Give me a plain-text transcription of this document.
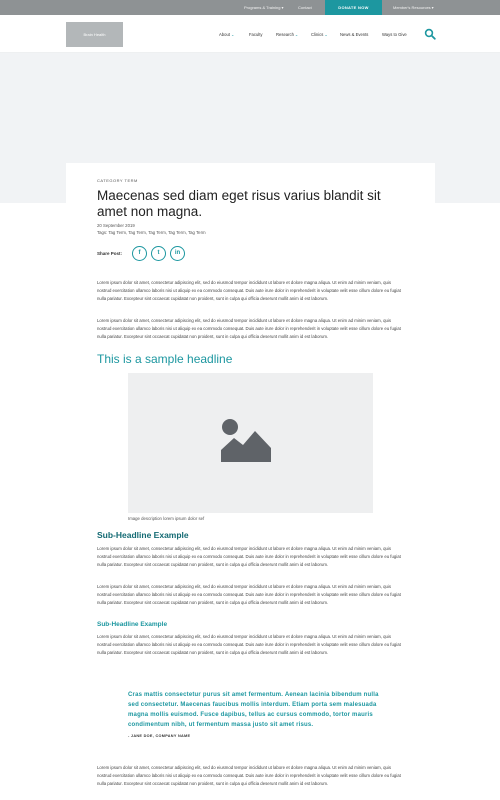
Programs & Training▾	Contact	DONATE NOW	Member's Resources▾
Brain Health	About⌄	Faculty	Research⌄	Clinics⌄	News & Events	Ways to Give
CATEGORY TERM
Maecenas sed diam eget risus varius blandit sit amet non magna.
20 September 2019
Tags: Tag Term, Tag Term, Tag Term, Tag Term, Tag Term
Share Post:	f	t	in

Lorem ipsum dolor sit amet, consectetur adipiscing elit, sed do eiusmod tempor incididunt ut labore et dolore magna aliqua. Ut enim ad minim veniam, quis nostrud exercitation ullamco laboris nisi ut aliquip ex ea commodo consequat. Duis aute irure dolor in reprehenderit in voluptate velit esse cillum dolore eu fugiat nulla pariatur. Excepteur sint occaecat cupidatat non proident, sunt in culpa qui officia deserunt mollit anim id est laborum.

Lorem ipsum dolor sit amet, consectetur adipiscing elit, sed do eiusmod tempor incididunt ut labore et dolore magna aliqua. Ut enim ad minim veniam, quis nostrud exercitation ullamco laboris nisi ut aliquip ex ea commodo consequat. Duis aute irure dolor in reprehenderit in voluptate velit esse cillum dolore eu fugiat nulla pariatur. Excepteur sint occaecat cupidatat non proident, sunt in culpa qui officia deserunt mollit anim id est laborum.

This is a sample headline
Image description lorem ipsum dolor sef
Sub-Headline Example

Lorem ipsum dolor sit amet, consectetur adipiscing elit, sed do eiusmod tempor incididunt ut labore et dolore magna aliqua. Ut enim ad minim veniam, quis nostrud exercitation ullamco laboris nisi ut aliquip ex ea commodo consequat. Duis aute irure dolor in reprehenderit in voluptate velit esse cillum dolore eu fugiat nulla pariatur. Excepteur sint occaecat cupidatat non proident, sunt in culpa qui officia deserunt mollit anim id est laborum.

Lorem ipsum dolor sit amet, consectetur adipiscing elit, sed do eiusmod tempor incididunt ut labore et dolore magna aliqua. Ut enim ad minim veniam, quis nostrud exercitation ullamco laboris nisi ut aliquip ex ea commodo consequat. Duis aute irure dolor in reprehenderit in voluptate velit esse cillum dolore eu fugiat nulla pariatur. Excepteur sint occaecat cupidatat non proident, sunt in culpa qui officia deserunt mollit anim id est laborum.

Sub-Headline Example

Lorem ipsum dolor sit amet, consectetur adipiscing elit, sed do eiusmod tempor incididunt ut labore et dolore magna aliqua. Ut enim ad minim veniam, quis nostrud exercitation ullamco laboris nisi ut aliquip ex ea commodo consequat. Duis aute irure dolor in reprehenderit in voluptate velit esse cillum dolore eu fugiat nulla pariatur. Excepteur sint occaecat cupidatat non proident, sunt in culpa qui officia deserunt mollit anim id est laborum.

Cras mattis consectetur purus sit amet fermentum. Aenean lacinia bibendum nulla sed consectetur. Maecenas faucibus mollis interdum. Etiam porta sem malesuada magna mollis euismod. Fusce dapibus, tellus ac cursus commodo, tortor mauris condimentum nibh, ut fermentum massa justo sit amet risus.
- JANE DOE, COMPANY NAME

Lorem ipsum dolor sit amet, consectetur adipiscing elit, sed do eiusmod tempor incididunt ut labore et dolore magna aliqua. Ut enim ad minim veniam, quis nostrud exercitation ullamco laboris nisi ut aliquip ex ea commodo consequat. Duis aute irure dolor in reprehenderit in voluptate velit esse cillum dolore eu fugiat nulla pariatur. Excepteur sint occaecat cupidatat non proident, sunt in culpa qui officia deserunt mollit anim id est laborum.
